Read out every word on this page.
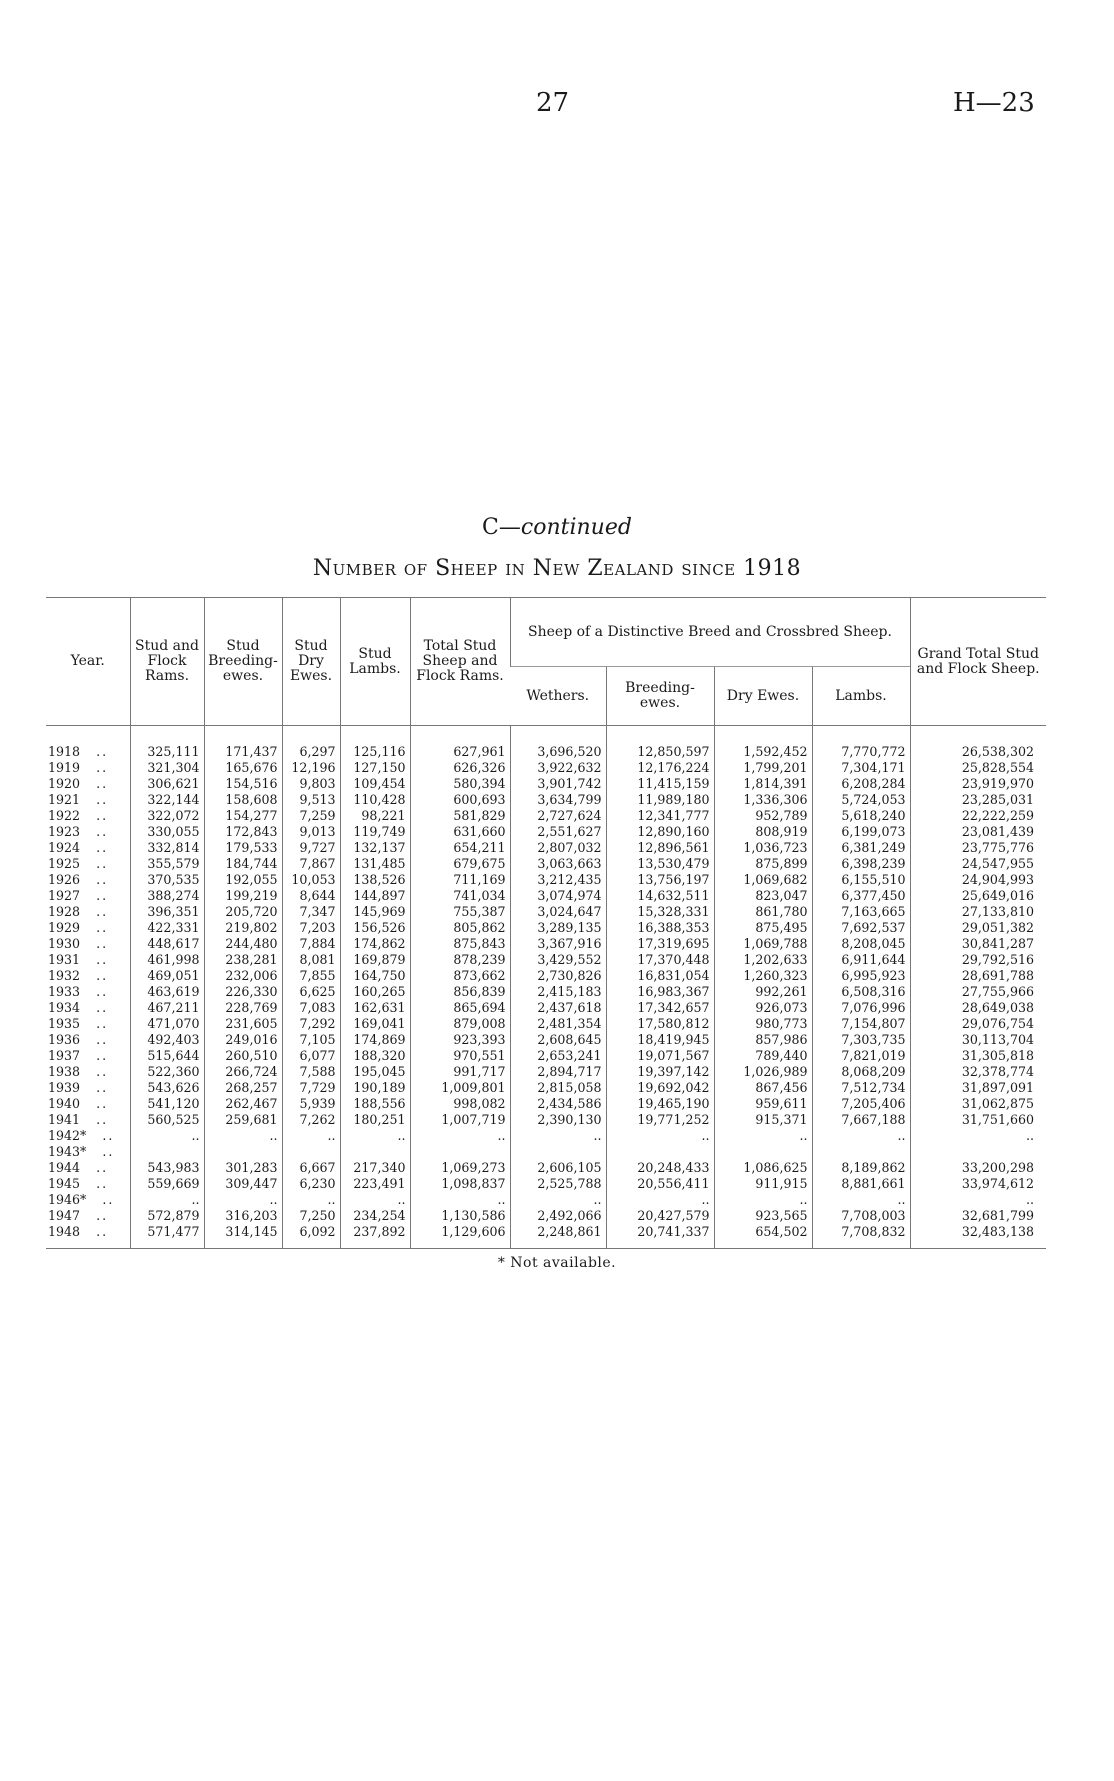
27	H—23
C—continued
Number of Sheep in New Zealand since 1918
Year.	Stud and Flock Rams.	Stud Breeding-ewes.	Stud Dry Ewes.	Stud Lambs.	Total Stud Sheep and Flock Rams.	Sheep of a Distinctive Breed and Crossbred Sheep.				Grand Total Stud and Flock Sheep.
						Wethers.	Breeding-ewes.	Dry Ewes.	Lambs.	
1918 ..	325,111	171,437	6,297	125,116	627,961	3,696,520	12,850,597	1,592,452	7,770,772	26,538,302
1919 ..	321,304	165,676	12,196	127,150	626,326	3,922,632	12,176,224	1,799,201	7,304,171	25,828,554
1920 ..	306,621	154,516	9,803	109,454	580,394	3,901,742	11,415,159	1,814,391	6,208,284	23,919,970
1921 ..	322,144	158,608	9,513	110,428	600,693	3,634,799	11,989,180	1,336,306	5,724,053	23,285,031
1922 ..	322,072	154,277	7,259	98,221	581,829	2,727,624	12,341,777	952,789	5,618,240	22,222,259
1923 ..	330,055	172,843	9,013	119,749	631,660	2,551,627	12,890,160	808,919	6,199,073	23,081,439
1924 ..	332,814	179,533	9,727	132,137	654,211	2,807,032	12,896,561	1,036,723	6,381,249	23,775,776
1925 ..	355,579	184,744	7,867	131,485	679,675	3,063,663	13,530,479	875,899	6,398,239	24,547,955
1926 ..	370,535	192,055	10,053	138,526	711,169	3,212,435	13,756,197	1,069,682	6,155,510	24,904,993
1927 ..	388,274	199,219	8,644	144,897	741,034	3,074,974	14,632,511	823,047	6,377,450	25,649,016
1928 ..	396,351	205,720	7,347	145,969	755,387	3,024,647	15,328,331	861,780	7,163,665	27,133,810
1929 ..	422,331	219,802	7,203	156,526	805,862	3,289,135	16,388,353	875,495	7,692,537	29,051,382
1930 ..	448,617	244,480	7,884	174,862	875,843	3,367,916	17,319,695	1,069,788	8,208,045	30,841,287
1931 ..	461,998	238,281	8,081	169,879	878,239	3,429,552	17,370,448	1,202,633	6,911,644	29,792,516
1932 ..	469,051	232,006	7,855	164,750	873,662	2,730,826	16,831,054	1,260,323	6,995,923	28,691,788
1933 ..	463,619	226,330	6,625	160,265	856,839	2,415,183	16,983,367	992,261	6,508,316	27,755,966
1934 ..	467,211	228,769	7,083	162,631	865,694	2,437,618	17,342,657	926,073	7,076,996	28,649,038
1935 ..	471,070	231,605	7,292	169,041	879,008	2,481,354	17,580,812	980,773	7,154,807	29,076,754
1936 ..	492,403	249,016	7,105	174,869	923,393	2,608,645	18,419,945	857,986	7,303,735	30,113,704
1937 ..	515,644	260,510	6,077	188,320	970,551	2,653,241	19,071,567	789,440	7,821,019	31,305,818
1938 ..	522,360	266,724	7,588	195,045	991,717	2,894,717	19,397,142	1,026,989	8,068,209	32,378,774
1939 ..	543,626	268,257	7,729	190,189	1,009,801	2,815,058	19,692,042	867,456	7,512,734	31,897,091
1940 ..	541,120	262,467	5,939	188,556	998,082	2,434,586	19,465,190	959,611	7,205,406	31,062,875
1941 ..	560,525	259,681	7,262	180,251	1,007,719	2,390,130	19,771,252	915,371	7,667,188	31,751,660
1942* ..	..	..	..	..	..	..	..	..	..	..
1943* ..										
1944 ..	543,983	301,283	6,667	217,340	1,069,273	2,606,105	20,248,433	1,086,625	8,189,862	33,200,298
1945 ..	559,669	309,447	6,230	223,491	1,098,837	2,525,788	20,556,411	911,915	8,881,661	33,974,612
1946* ..	..	..	..	..	..	..	..	..	..	..
1947 ..	572,879	316,203	7,250	234,254	1,130,586	2,492,066	20,427,579	923,565	7,708,003	32,681,799
1948 ..	571,477	314,145	6,092	237,892	1,129,606	2,248,861	20,741,337	654,502	7,708,832	32,483,138
* Not available.
